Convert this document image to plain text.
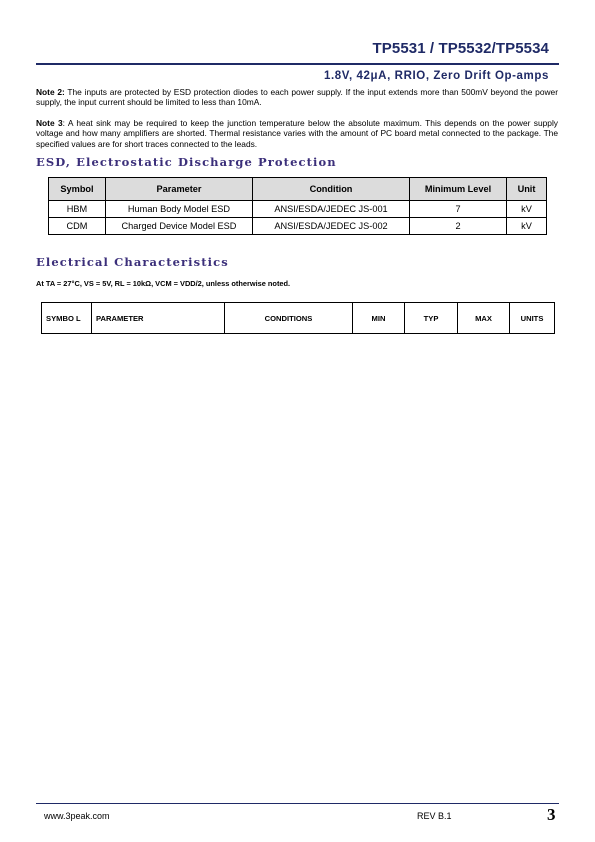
TP5531 / TP5532/TP5534
1.8V, 42μA, RRIO, Zero Drift Op-amps
Note 2: The inputs are protected by ESD protection diodes to each power supply. If the input extends more than 500mV beyond the power supply, the input current should be limited to less than 10mA.
Note 3: A heat sink may be required to keep the junction temperature below the absolute maximum. This depends on the power supply voltage and how many amplifiers are shorted. Thermal resistance varies with the amount of PC board metal connected to the package. The specified values are for short traces connected to the leads.
ESD, Electrostatic Discharge Protection
Symbol	Parameter	Condition	Minimum Level	Unit
HBM	Human Body Model ESD	ANSI/ESDA/JEDEC JS-001	7	kV
CDM	Charged Device Model ESD	ANSI/ESDA/JEDEC JS-002	2	kV
Electrical Characteristics
At TA = 27°C, VS = 5V, RL = 10kΩ, VCM = VDD/2, unless otherwise noted.
SYMBO L	PARAMETER	CONDITIONS	MIN	TYP	MAX	UNITS
www.3peak.com	REV B.1	3
